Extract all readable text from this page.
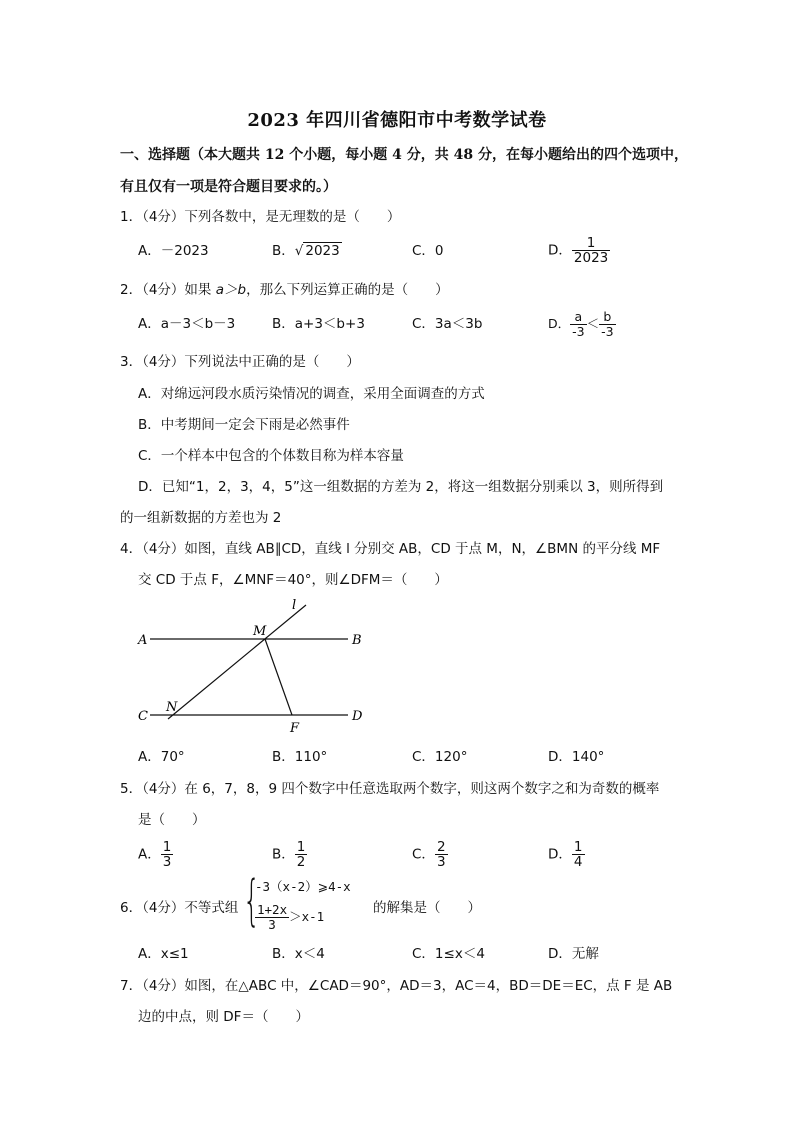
2023 年四川省德阳市中考数学试卷
一、选择题（本大题共 12 个小题，每小题 4 分，共 48 分，在每小题给出的四个选项中，
有且仅有一项是符合题目要求的。）
1．（4分）下列各数中，是无理数的是（　　）
A．－2023	B．√ 2023	C．0	D． $\frac{1}{2023}$
2．（4分）如果 a＞b，那么下列运算正确的是（　　）
A．a－3＜b－3	B．a+3＜b+3	C．3a＜3b	D． $\frac{a}{-3} < \frac{b}{-3}$
3．（4分）下列说法中正确的是（　　）
A．对绵远河段水质污染情况的调查，采用全面调查的方式
B．中考期间一定会下雨是必然事件
C．一个样本中包含的个体数目称为样本容量
D．已知“1，2，3，4，5”这一组数据的方差为 2，将这一组数据分别乘以 3，则所得到
的一组新数据的方差也为 2
4．（4分）如图，直线 AB∥CD，直线 l 分别交 AB，CD 于点 M，N，∠BMN 的平分线 MF
交 CD 于点 F，∠MNF＝40°，则∠DFM＝（　　）
l
A
M
B
C
N
F
D
A．70°	B．110°	C．120°	D．140°
5．（4分）在 6，7，8，9 四个数字中任意选取两个数字，则这两个数字之和为奇数的概率
是（　　）
A． $\frac{1}{3}$	B． $\frac{1}{2}$	C． $\frac{2}{3}$	D． $\frac{1}{4}$
6．（4分）不等式组 {
-3（x-2）⩾4-x
$\frac{1+2x}{3} >x-1$
的解集是（　　）
A．x≤1	B．x＜4	C．1≤x＜4	D．无解
7．（4分）如图，在△ABC 中，∠CAD＝90°，AD＝3，AC＝4，BD＝DE＝EC，点 F 是 AB
边的中点，则 DF＝（　　）
